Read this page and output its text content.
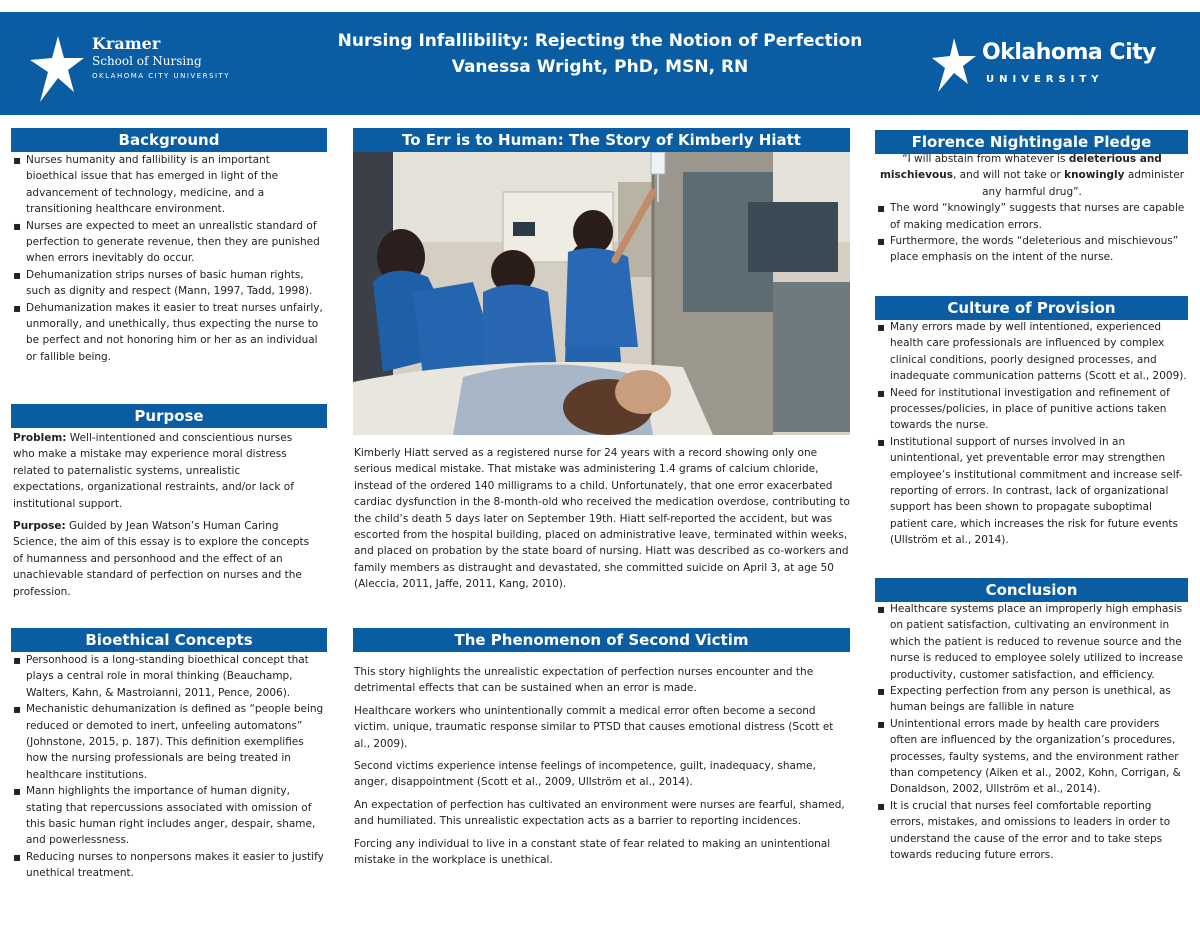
Kramer
School of Nursing
OKLAHOMA CITY UNIVERSITY
Nursing Infallibility: Rejecting the Notion of Perfection
Vanessa Wright, PhD, MSN, RN
Oklahoma City
UNIVERSITY
Background
▪ Nurses humanity and fallibility is an important bioethical issue that has emerged in light of the advancement of technology, medicine, and a transitioning healthcare environment.
▪ Nurses are expected to meet an unrealistic standard of perfection to generate revenue, then they are punished when errors inevitably do occur.
▪ Dehumanization strips nurses of basic human rights, such as dignity and respect (Mann, 1997, Tadd, 1998).
▪ Dehumanization makes it easier to treat nurses unfairly, unmorally, and unethically, thus expecting the nurse to be perfect and not honoring him or her as an individual or fallible being.
Purpose
Problem: Well-intentioned and conscientious nurses who make a mistake may experience moral distress related to paternalistic systems, unrealistic expectations, organizational restraints, and/or lack of institutional support.
Purpose: Guided by Jean Watson’s Human Caring Science, the aim of this essay is to explore the concepts of humanness and personhood and the effect of an unachievable standard of perfection on nurses and the profession.
Bioethical Concepts
▪ Personhood is a long-standing bioethical concept that plays a central role in moral thinking (Beauchamp, Walters, Kahn, & Mastroianni, 2011, Pence, 2006).
▪ Mechanistic dehumanization is defined as “people being reduced or demoted to inert, unfeeling automatons” (Johnstone, 2015, p. 187). This definition exemplifies how the nursing professionals are being treated in healthcare institutions.
▪ Mann highlights the importance of human dignity, stating that repercussions associated with omission of this basic human right includes anger, despair, shame, and powerlessness.
▪ Reducing nurses to nonpersons makes it easier to justify unethical treatment.
To Err is to Human: The Story of Kimberly Hiatt
Kimberly Hiatt served as a registered nurse for 24 years with a record showing only one serious medical mistake. That mistake was administering 1.4 grams of calcium chloride, instead of the ordered 140 milligrams to a child. Unfortunately, that one error exacerbated cardiac dysfunction in the 8-month-old who received the medication overdose, contributing to the child’s death 5 days later on September 19th. Hiatt self-reported the accident, but was escorted from the hospital building, placed on administrative leave, terminated within weeks, and placed on probation by the state board of nursing. Hiatt was described as co-workers and family members as distraught and devastated, she committed suicide on April 3, at age 50 (Aleccia, 2011, Jaffe, 2011, Kang, 2010).
The Phenomenon of Second Victim
This story highlights the unrealistic expectation of perfection nurses encounter and the detrimental effects that can be sustained when an error is made.
Healthcare workers who unintentionally commit a medical error often become a second victim. unique, traumatic response similar to PTSD that causes emotional distress (Scott et al., 2009).
Second victims experience intense feelings of incompetence, guilt, inadequacy, shame, anger, disappointment (Scott et al., 2009, Ullström et al., 2014).
An expectation of perfection has cultivated an environment were nurses are fearful, shamed, and humiliated. This unrealistic expectation acts as a barrier to reporting incidences.
Forcing any individual to live in a constant state of fear related to making an unintentional mistake in the workplace is unethical.
Florence Nightingale Pledge
“I will abstain from whatever is deleterious and mischievous, and will not take or knowingly administer any harmful drug”.
▪ The word “knowingly” suggests that nurses are capable of making medication errors.
▪ Furthermore, the words “deleterious and mischievous” place emphasis on the intent of the nurse.
Culture of Provision
▪ Many errors made by well intentioned, experienced health care professionals are influenced by complex clinical conditions, poorly designed processes, and inadequate communication patterns (Scott et al., 2009).
▪ Need for institutional investigation and refinement of processes/policies, in place of punitive actions taken towards the nurse.
▪ Institutional support of nurses involved in an unintentional, yet preventable error may strengthen employee’s institutional commitment and increase self-reporting of errors. In contrast, lack of organizational support has been shown to propagate suboptimal patient care, which increases the risk for future events (Ullström et al., 2014).
Conclusion
▪ Healthcare systems place an improperly high emphasis on patient satisfaction, cultivating an environment in which the patient is reduced to revenue source and the nurse is reduced to employee solely utilized to increase productivity, customer satisfaction, and efficiency.
▪ Expecting perfection from any person is unethical, as human beings are fallible in nature
▪ Unintentional errors made by health care providers often are influenced by the organization’s procedures, processes, faulty systems, and the environment rather than competency (Aiken et al., 2002, Kohn, Corrigan, & Donaldson, 2002, Ullström et al., 2014).
▪ It is crucial that nurses feel comfortable reporting errors, mistakes, and omissions to leaders in order to understand the cause of the error and to take steps towards reducing future errors.
